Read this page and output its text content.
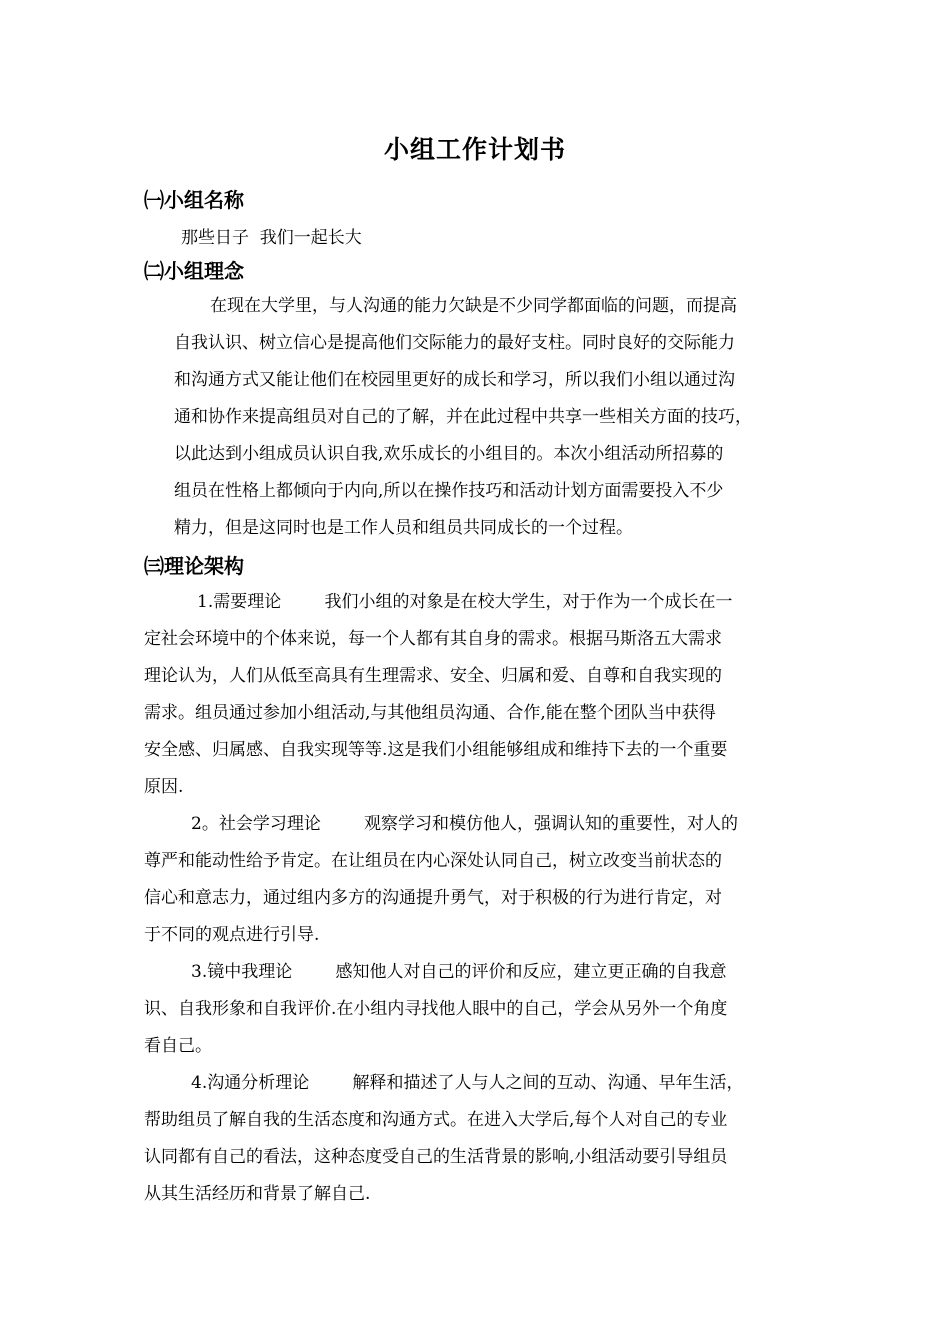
小组工作计划书
㈠小组名称
那些日子  我们一起长大
㈡小组理念
在现在大学里，与人沟通的能力欠缺是不少同学都面临的问题，而提高
自我认识、树立信心是提高他们交际能力的最好支柱。同时良好的交际能力
和沟通方式又能让他们在校园里更好的成长和学习，所以我们小组以通过沟
通和协作来提高组员对自己的了解，并在此过程中共享一些相关方面的技巧，
以此达到小组成员认识自我,欢乐成长的小组目的。本次小组活动所招募的
组员在性格上都倾向于内向,所以在操作技巧和活动计划方面需要投入不少
精力，但是这同时也是工作人员和组员共同成长的一个过程。
㈢理论架构
1.需要理论        我们小组的对象是在校大学生，对于作为一个成长在一
定社会环境中的个体来说，每一个人都有其自身的需求。根据马斯洛五大需求
理论认为，人们从低至高具有生理需求、安全、归属和爱、自尊和自我实现的
需求。组员通过参加小组活动,与其他组员沟通、合作,能在整个团队当中获得
安全感、归属感、自我实现等等.这是我们小组能够组成和维持下去的一个重要
原因.
2。社会学习理论        观察学习和模仿他人，强调认知的重要性，对人的
尊严和能动性给予肯定。在让组员在内心深处认同自己，树立改变当前状态的
信心和意志力，通过组内多方的沟通提升勇气，对于积极的行为进行肯定，对
于不同的观点进行引导.
3.镜中我理论        感知他人对自己的评价和反应，建立更正确的自我意
识、自我形象和自我评价.在小组内寻找他人眼中的自己，学会从另外一个角度
看自己。
4.沟通分析理论        解释和描述了人与人之间的互动、沟通、早年生活，
帮助组员了解自我的生活态度和沟通方式。在进入大学后,每个人对自己的专业
认同都有自己的看法，这种态度受自己的生活背景的影响,小组活动要引导组员
从其生活经历和背景了解自己.
